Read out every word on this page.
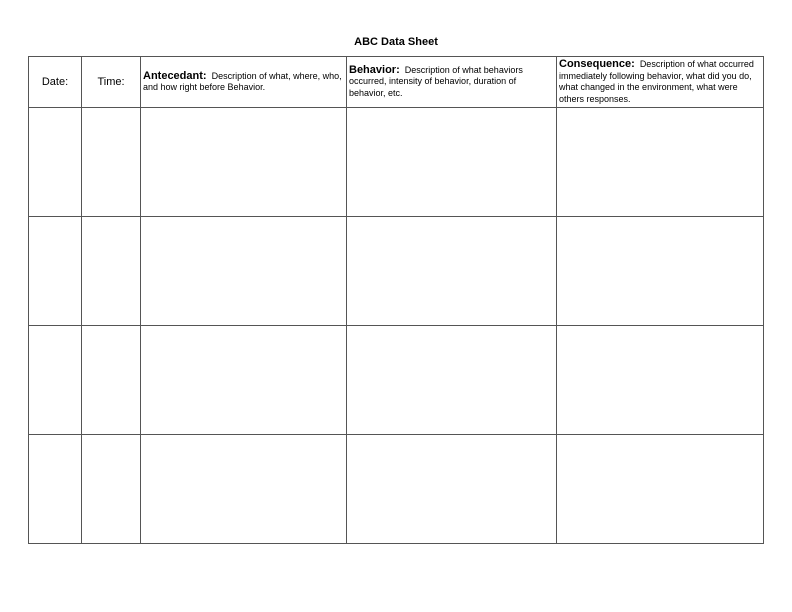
ABC Data Sheet
Date:	Time:	Antecedant: Description of what, where, who, and how right before Behavior.	Behavior: Description of what behaviors occurred, intensity of behavior, duration of behavior, etc.	Consequence: Description of what occurred immediately following behavior, what did you do, what changed in the environment, what were others responses.
